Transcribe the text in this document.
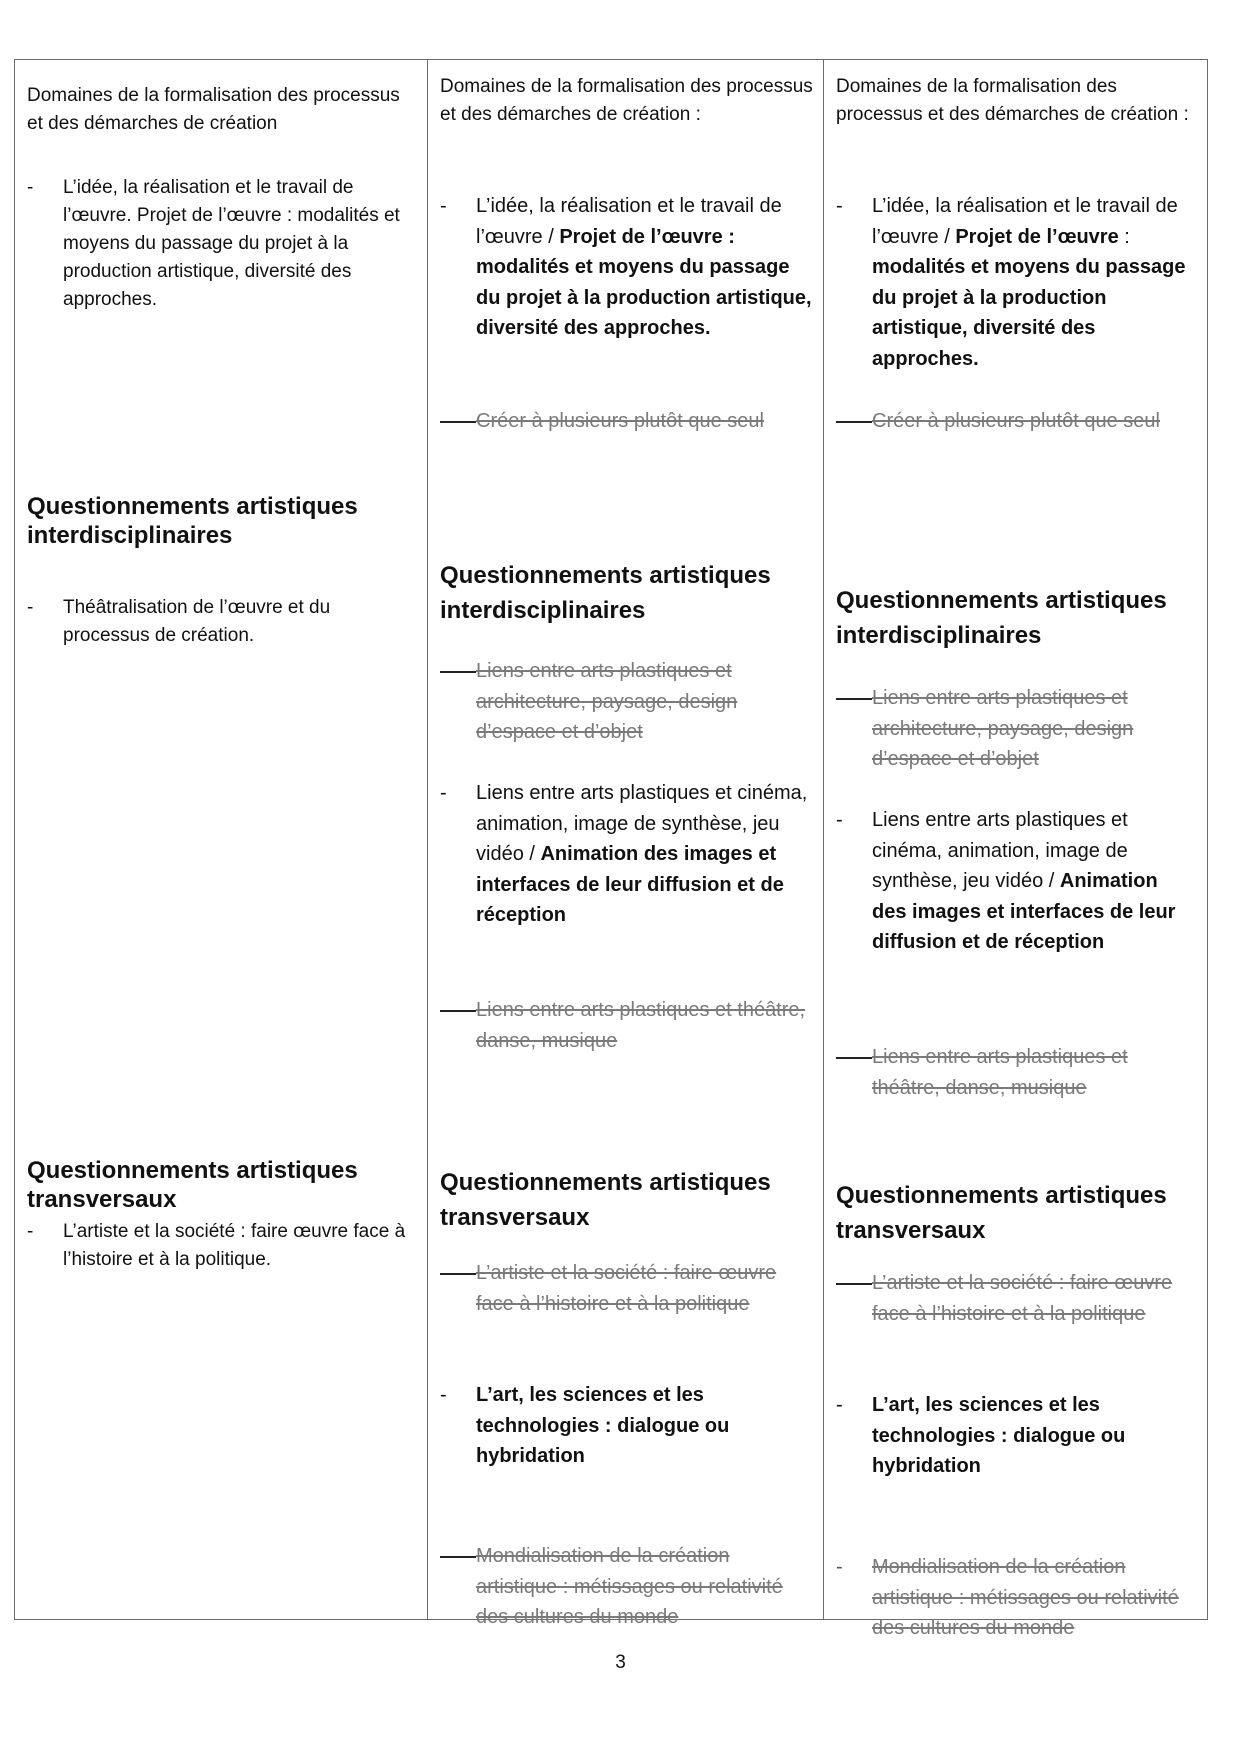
Domaines de la formalisation des processus et des démarches de création
- L’idée, la réalisation et le travail de l’œuvre. Projet de l’œuvre : modalités et moyens du passage du projet à la production artistique, diversité des approches.
Questionnements artistiques interdisciplinaires
- Théâtralisation de l’œuvre et du processus de création.
Questionnements artistiques transversaux
- L’artiste et la société : faire œuvre face à l’histoire et à la politique.
Domaines de la formalisation des processus et des démarches de création :
- L’idée, la réalisation et le travail de l’œuvre / Projet de l’œuvre : modalités et moyens du passage du projet à la production artistique, diversité des approches.
Créer à plusieurs plutôt que seul
Questionnements artistiques interdisciplinaires
Liens entre arts plastiques et architecture, paysage, design d’espace et d’objet
- Liens entre arts plastiques et cinéma, animation, image de synthèse, jeu vidéo / Animation des images et interfaces de leur diffusion et de réception
Liens entre arts plastiques et théâtre, danse, musique
Questionnements artistiques transversaux
L’artiste et la société : faire œuvre face à l’histoire et à la politique
- L’art, les sciences et les technologies : dialogue ou hybridation
Mondialisation de la création artistique : métissages ou relativité des cultures du monde
Domaines de la formalisation des processus et des démarches de création :
- L’idée, la réalisation et le travail de l’œuvre / Projet de l’œuvre : modalités et moyens du passage du projet à la production artistique, diversité des approches.
Créer à plusieurs plutôt que seul
Questionnements artistiques interdisciplinaires
Liens entre arts plastiques et architecture, paysage, design d’espace et d’objet
- Liens entre arts plastiques et cinéma, animation, image de synthèse, jeu vidéo / Animation des images et interfaces de leur diffusion et de réception
Liens entre arts plastiques et théâtre, danse, musique
Questionnements artistiques transversaux
L’artiste et la société : faire œuvre face à l’histoire et à la politique
- L’art, les sciences et les technologies : dialogue ou hybridation
- Mondialisation de la création artistique : métissages ou relativité des cultures du monde
3
